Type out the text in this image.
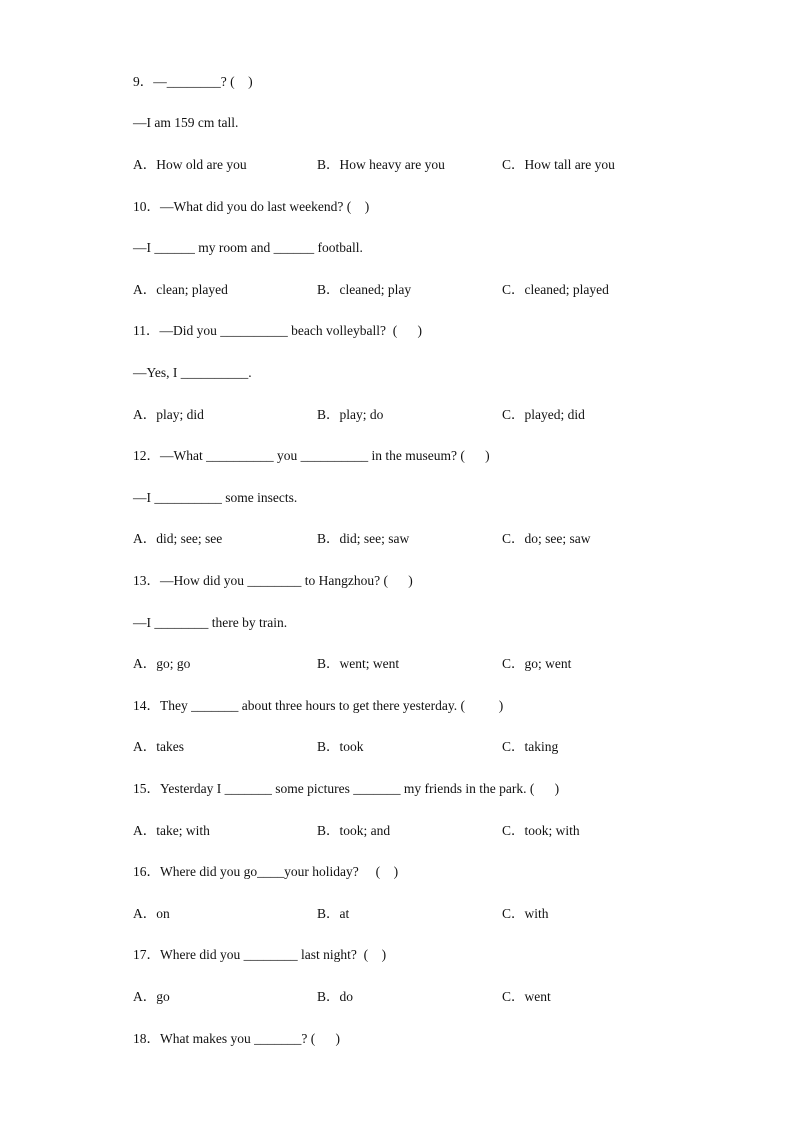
9．—________? (    )
—I am 159 cm tall.
A．How old are you	B．How heavy are you	C．How tall are you
10．—What did you do last weekend? (    )
—I ______ my room and ______ football.
A．clean; played	B．cleaned; play	C．cleaned; played
11．—Did you __________ beach volleyball?  (      )
—Yes, I __________.
A．play; did	B．play; do	C．played; did
12．—What __________ you __________ in the museum? (      )
—I __________ some insects.
A．did; see; see	B．did; see; saw	C．do; see; saw
13．—How did you ________ to Hangzhou? (      )
—I ________ there by train.
A．go; go	B．went; went	C．go; went
14．They _______ about three hours to get there yesterday. (          )
A．takes	B．took	C．taking
15．Yesterday I _______ some pictures _______ my friends in the park. (      )
A．take; with	B．took; and	C．took; with
16．Where did you go____your holiday?     (    )
A．on	B．at	C．with
17．Where did you ________ last night?  (    )
A．go	B．do	C．went
18．What makes you _______? (      )
